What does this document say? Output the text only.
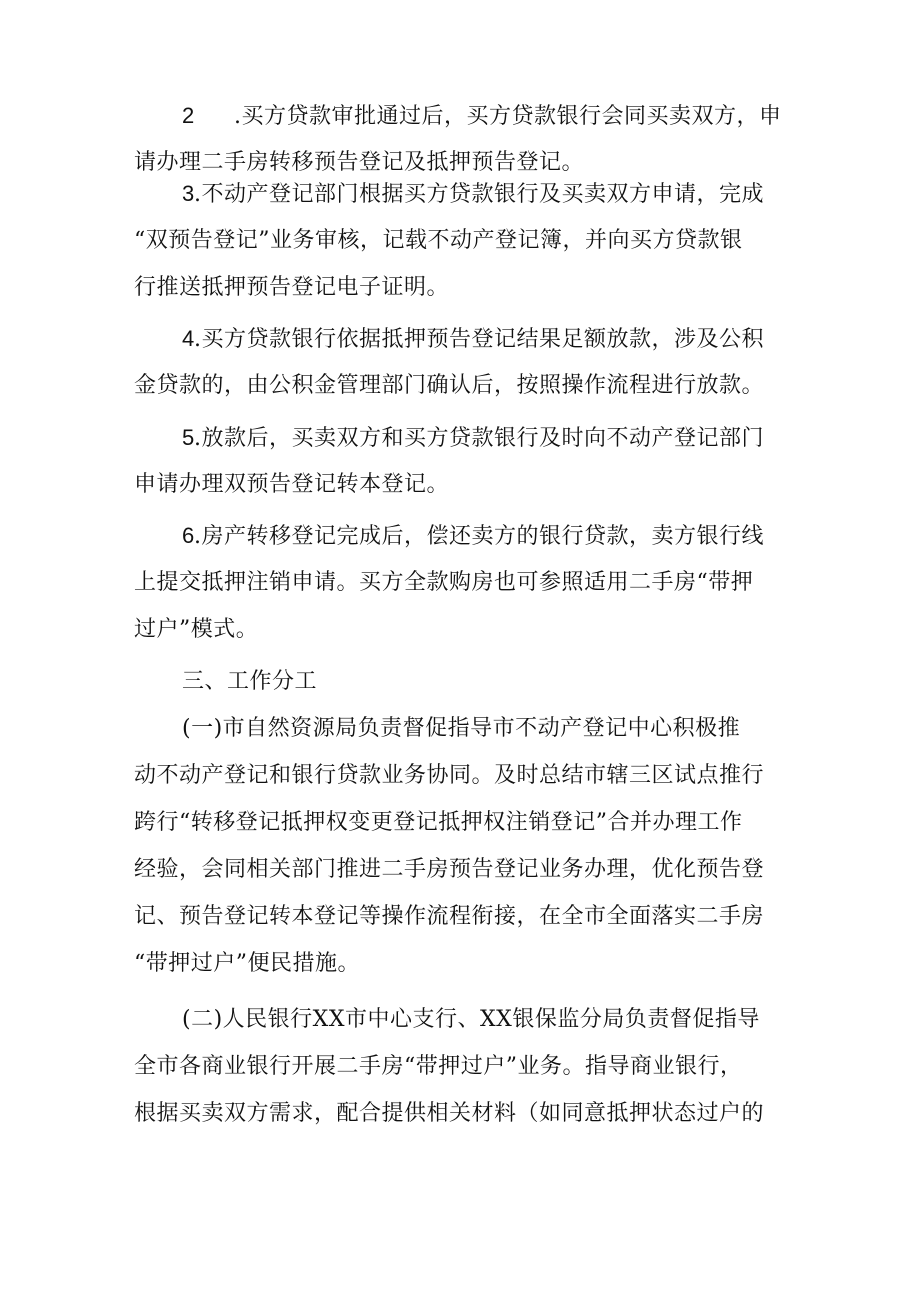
2 .买方贷款审批通过后，买方贷款银行会同买卖双方，申
请办理二手房转移预告登记及抵押预告登记。
3.不动产登记部门根据买方贷款银行及买卖双方申请，完成
“双预告登记”业务审核，记载不动产登记簿，并向买方贷款银
行推送抵押预告登记电子证明。
4.买方贷款银行依据抵押预告登记结果足额放款，涉及公积
金贷款的，由公积金管理部门确认后，按照操作流程进行放款。
5.放款后，买卖双方和买方贷款银行及时向不动产登记部门
申请办理双预告登记转本登记。
6.房产转移登记完成后，偿还卖方的银行贷款，卖方银行线
上提交抵押注销申请。买方全款购房也可参照适用二手房“带押
过户”模式。
三、工作分工
(一)市自然资源局负责督促指导市不动产登记中心积极推
动不动产登记和银行贷款业务协同。及时总结市辖三区试点推行
跨行“转移登记抵押权变更登记抵押权注销登记”合并办理工作
经验，会同相关部门推进二手房预告登记业务办理，优化预告登
记、预告登记转本登记等操作流程衔接，在全市全面落实二手房
“带押过户”便民措施。
(二)人民银行XX市中心支行、XX银保监分局负责督促指导
全市各商业银行开展二手房“带押过户”业务。指导商业银行，
根据买卖双方需求，配合提供相关材料（如同意抵押状态过户的
